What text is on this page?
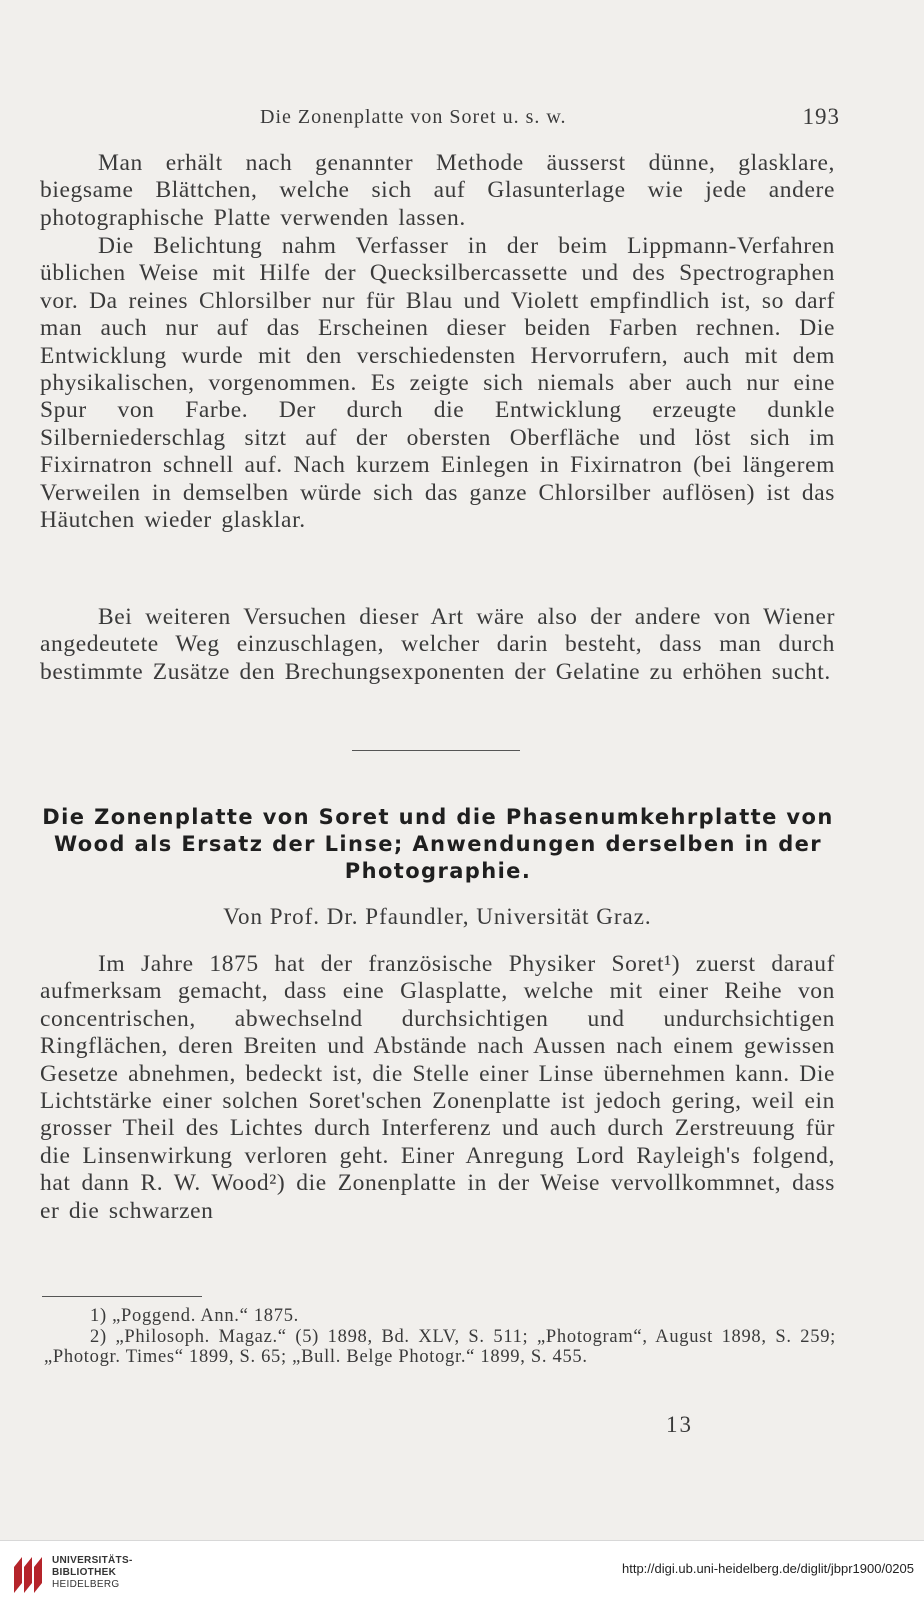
Die Zonenplatte von Soret u. s. w.	193

Man erhält nach genannter Methode äusserst dünne, glasklare, biegsame Blättchen, welche sich auf Glasunterlage wie jede andere photographische Platte verwenden lassen.

Die Belichtung nahm Verfasser in der beim Lippmann-Verfahren üblichen Weise mit Hilfe der Quecksilbercassette und des Spectrographen vor. Da reines Chlorsilber nur für Blau und Violett empfindlich ist, so darf man auch nur auf das Erscheinen dieser beiden Farben rechnen. Die Entwicklung wurde mit den verschiedensten Hervorrufern, auch mit dem physikalischen, vorgenommen. Es zeigte sich niemals aber auch nur eine Spur von Farbe. Der durch die Entwicklung erzeugte dunkle Silberniederschlag sitzt auf der obersten Oberfläche und löst sich im Fixirnatron schnell auf. Nach kurzem Einlegen in Fixirnatron (bei längerem Verweilen in demselben würde sich das ganze Chlorsilber auflösen) ist das Häutchen wieder glasklar.

Bei weiteren Versuchen dieser Art wäre also der andere von Wiener angedeutete Weg einzuschlagen, welcher darin besteht, dass man durch bestimmte Zusätze den Brechungsexponenten der Gelatine zu erhöhen sucht.

Die Zonenplatte von Soret und die Phasenumkehrplatte von Wood als Ersatz der Linse; Anwendungen derselben in der Photographie.
Von Prof. Dr. Pfaundler, Universität Graz.

Im Jahre 1875 hat der französische Physiker Soret¹) zuerst darauf aufmerksam gemacht, dass eine Glasplatte, welche mit einer Reihe von concentrischen, abwechselnd durchsichtigen und undurchsichtigen Ringflächen, deren Breiten und Abstände nach Aussen nach einem gewissen Gesetze abnehmen, bedeckt ist, die Stelle einer Linse übernehmen kann. Die Lichtstärke einer solchen Soret'schen Zonenplatte ist jedoch gering, weil ein grosser Theil des Lichtes durch Interferenz und auch durch Zerstreuung für die Linsenwirkung verloren geht. Einer Anregung Lord Rayleigh's folgend, hat dann R. W. Wood²) die Zonenplatte in der Weise vervollkommnet, dass er die schwarzen

1) „Poggend. Ann.“ 1875.

2) „Philosoph. Magaz.“ (5) 1898, Bd. XLV, S. 511; „Photogram“, August 1898, S. 259; „Photogr. Times“ 1899, S. 65; „Bull. Belge Photogr.“ 1899, S. 455.

13
UNIVERSITÄTS-
BIBLIOTHEK
HEIDELBERG
http://digi.ub.uni-heidelberg.de/diglit/jbpr1900/0205
